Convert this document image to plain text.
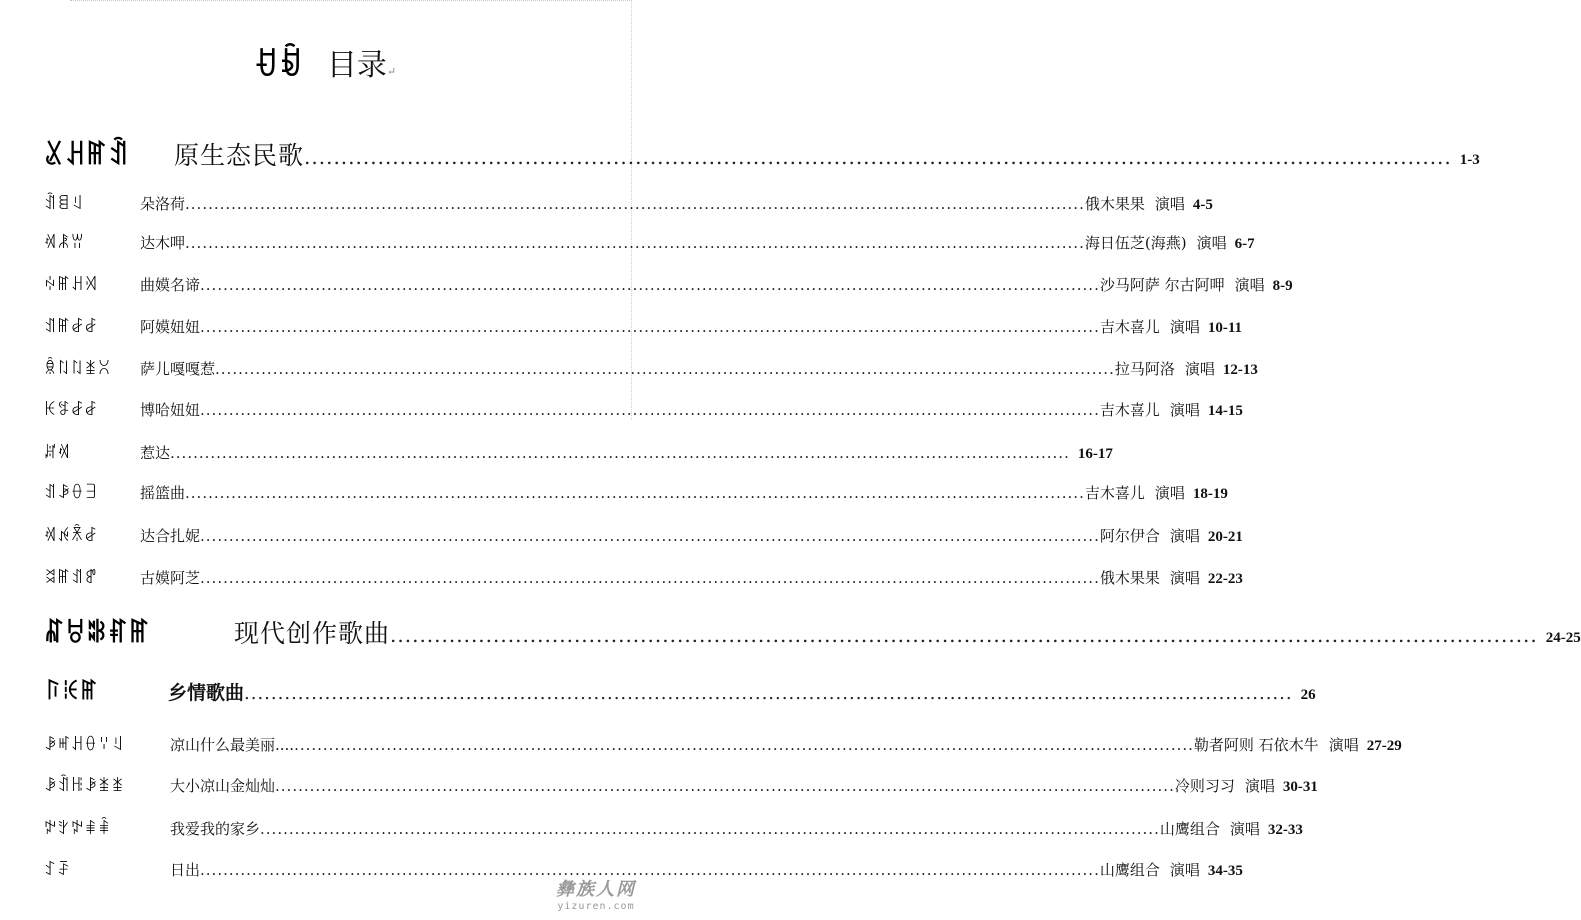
ꀀꀁ 目录↵
ꊪꃅꂵꀉ	原生态民歌 ............................................................................................................................................................ 1-3
ꀉꁌꆹ	朵洛荷 ............................................................................................................................................................ 俄木果果 演唱 4-5
ꄊꂿꀕ	达木呷 ............................................................................................................................................................ 海日伍芝(海燕) 演唱 6-7
ꏢꂵꃅꄉ	曲嫫名谛 ............................................................................................................................................................ 沙马阿萨 尔古阿呷 演唱 8-9
ꀊꂵꆀꆀ	阿嫫妞妞 ............................................................................................................................................................ 吉木喜儿 演唱 10-11
ꌊꇁꇁꁧꇤ	萨儿嘎嘎惹 ............................................................................................................................................................ 拉马阿洛 演唱 12-13
ꀘꉎꆀꆀ	博哈妞妞 ............................................................................................................................................................ 吉木喜儿 演唱 14-15
ꏦꄊ	惹达 ............................................................................................................................................................ 16-17
ꀊꆃꂷꎆ	摇篮曲 ............................................................................................................................................................ 吉木喜儿 演唱 18-19
ꄊꉌꍮꆀ	达合扎妮 ............................................................................................................................................................ 阿尔伊合 演唱 20-21
ꈬꂵꀊꍗ	古嫫阿芝 ............................................................................................................................................................ 俄木果果 演唱 22-23
ꉾꀞꄀꐥꂵ	现代创作歌曲 ............................................................................................................................................................ 24-25
ꑍꏅꂵ	乡情歌曲 ............................................................................................................................................................ 26
ꆃꎭꃅꂷꈌꆹ	凉山什么最美丽.... ............................................................................................................................................................ 勒者阿则 石依木牛 演唱 27-29
ꆃꀉꆿꆃꁧꁧ	大小凉山金灿灿 ............................................................................................................................................................ 冷则习习 演唱 30-31
ꉢꇬꉢꑌꑋ	我爱我的家乡 ............................................................................................................................................................ 山鹰组合 演唱 32-33
ꉘꄚ	日出 ............................................................................................................................................................ 山鹰组合 演唱 34-35
彝族人网
yizuren.com
